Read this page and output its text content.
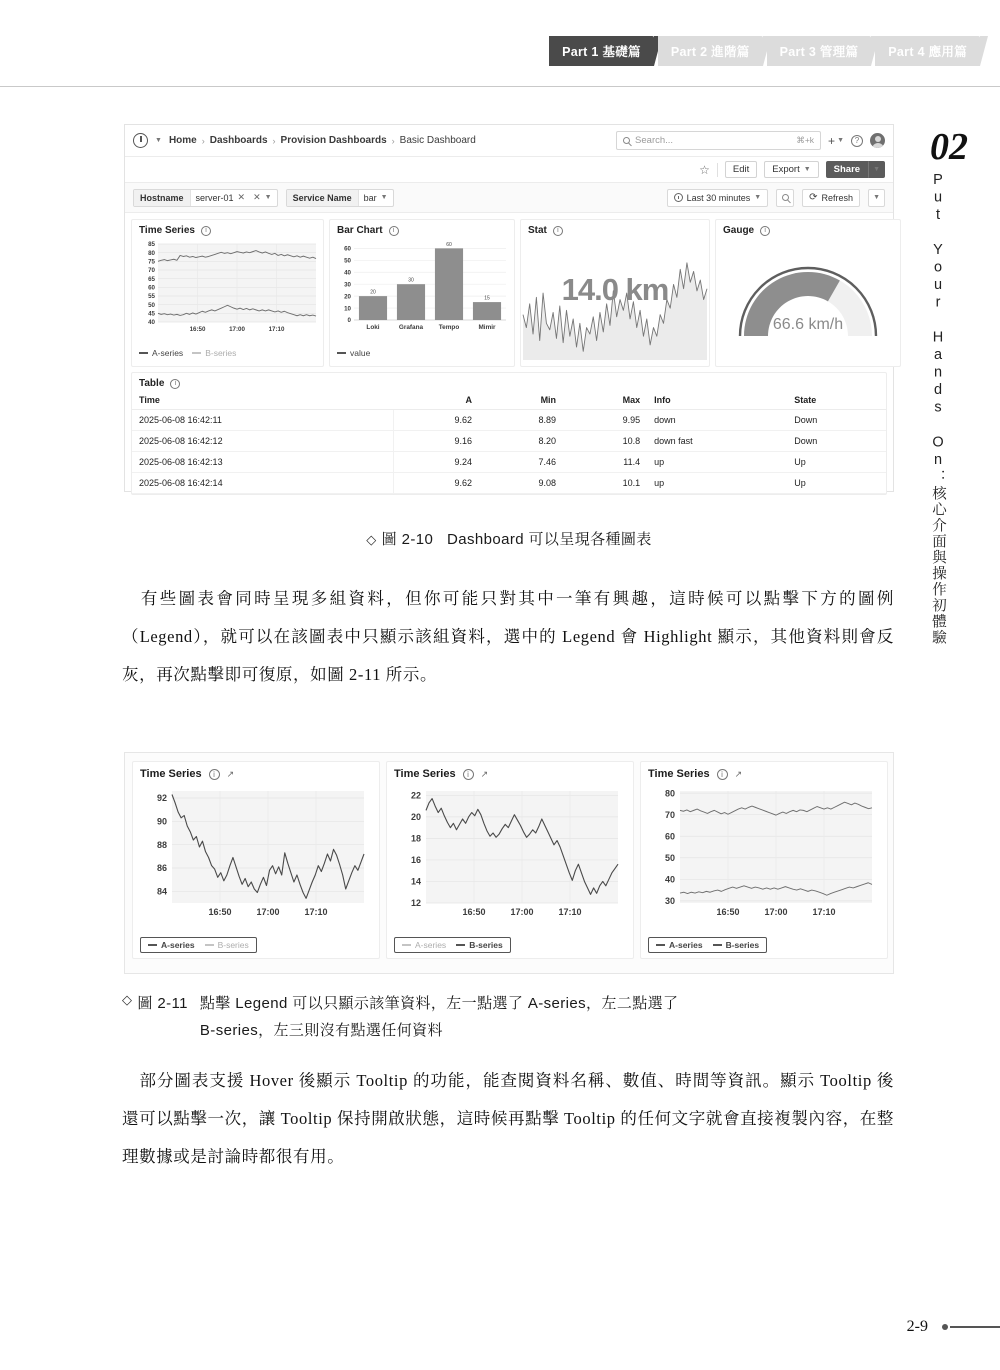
Part 1 基礎篇 Part 2 進階篇 Part 3 管理篇 Part 4 應用篇
02
Put Your Hands On：核心介面與操作初體驗
▼ Home › Dashboards › Provision Dashboards › Basic Dashboard	Search...	⌘+k + ▼	?
☆	Edit	Export ▼	Share	▼
Hostname	server-01 ✕ ✕ ▼	Service Name	bar ▼	Last 30 minutes ▼	⟳ Refresh	▼
Time Series	i
40
45
50
55
60
65
70
75
80
85
16:50	17:00	17:10
A-series	B-series
Bar Chart	i
0
10
20
30
40
50
60
20
Loki
30
Grafana
60
Tempo
15
Mimir
value
Stat	i
14.0 km
Gauge	i
66.6 km/h
Table	i
Time	A	Min	Max	Info	State
2025-06-08 16:42:11	9.62	8.89	9.95	down	Down
2025-06-08 16:42:12	9.16	8.20	10.8	down fast	Down
2025-06-08 16:42:13	9.24	7.46	11.4	up	Up
2025-06-08 16:42:14	9.62	9.08	10.1	up	Up
◇ 圖 2-10 Dashboard 可以呈現各種圖表
　有些圖表會同時呈現多組資料，但你可能只對其中一筆有興趣，這時候可以點擊下方的圖例（Legend），就可以在該圖表中只顯示該組資料，選中的 Legend 會 Highlight 顯示，其他資料則會反灰，再次點擊即可復原，如圖 2-11 所示。
Time Series	i	↗
84
86
88
90
92
16:50	17:00	17:10
A-series	B-series
Time Series	i	↗
12
14
16
18
20
22
16:50	17:00	17:10
A-series	B-series
Time Series	i	↗
30
40
50
60
70
80
16:50	17:00	17:10
A-series	B-series
◇ 圖 2-11 點擊 Legend 可以只顯示該筆資料，左一點選了 A-series，左二點選了
B-series，左三則沒有點選任何資料
　部分圖表支援 Hover 後顯示 Tooltip 的功能，能查閱資料名稱、數值、時間等資訊。顯示 Tooltip 後還可以點擊一次，讓 Tooltip 保持開啟狀態，這時候再點擊 Tooltip 的任何文字就會直接複製內容，在整理數據或是討論時都很有用。
2-9
